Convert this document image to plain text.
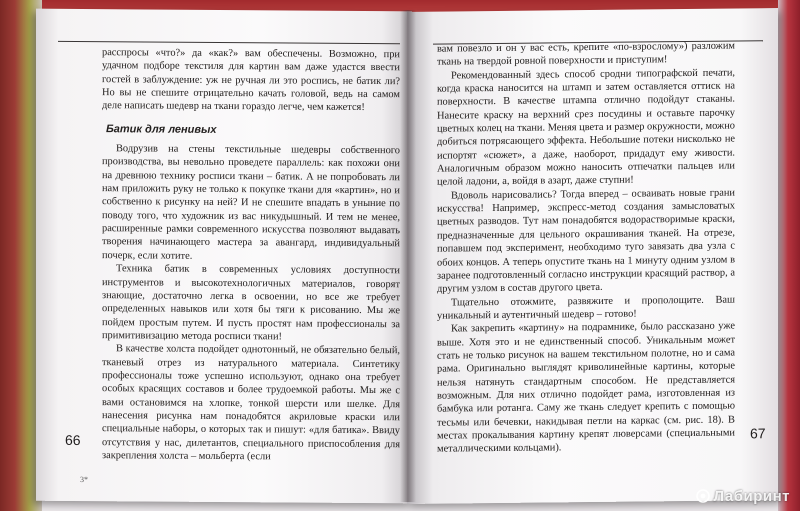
расспросы «что?» да «как?» вам обеспечены. Возможно, при удачном подборе текстиля для картин вам даже удастся ввести гостей в заблуждение: уж не ручная ли это роспись, не батик ли? Но вы не спешите отрицательно качать головой, ведь на самом деле написать шедевр на ткани гораздо легче, чем кажется!

Батик для ленивых

Водрузив на стены текстильные шедевры собственного производства, вы невольно проведете параллель: как похожи они на древнюю технику росписи ткани – батик. А не попробовать ли нам приложить руку не только к покупке ткани для «картин», но и собственно к рисунку на ней? И не спешите впадать в уныние по поводу того, что художник из вас никудышный. И тем не менее, расширенные рамки современного искусства позволяют выдавать творения начинающего мастера за авангард, индивидуальный почерк, если хотите.

Техника батик в современных условиях доступности инструментов и высокотехнологичных материалов, говорят знающие, достаточно легка в освоении, но все же требует определенных навыков или хотя бы тяги к рисованию. Мы же пойдем простым путем. И пусть простят нам профессионалы за примитивизацию метода росписи ткани!

В качестве холста подойдет однотонный, не обязательно белый, тканевый отрез из натурального материала. Синтетику профессионалы тоже успешно используют, однако она требует особых красящих составов и более трудоемкой работы. Мы же с вами остановимся на хлопке, тонкой шерсти или шелке. Для нанесения рисунка нам понадобятся акриловые краски или специальные наборы, о которых так и пишут: «для батика». Ввиду отсутствия у нас, дилетантов, специального приспособления для закрепления холста – мольберта (если

66
3*

вам повезло и он у вас есть, крепите «по-взрослому») разложим ткань на твердой ровной поверхности и приступим!

Рекомендованный здесь способ сродни типографской печати, когда краска наносится на штамп и затем оставляется оттиск на поверхности. В качестве штампа отлично подойдут стаканы. Нанесите краску на верхний срез посудины и оставьте парочку цветных колец на ткани. Меняя цвета и размер окружности, можно добиться потрясающего эффекта. Небольшие потеки нисколько не испортят «сюжет», а даже, наоборот, придадут ему живости. Аналогичным образом можно наносить отпечатки пальцев или целой ладони, а, войдя в азарт, даже ступни!

Вдоволь нарисовались? Тогда вперед – осваивать новые грани искусства! Например, экспресс-метод создания замысловатых цветных разводов. Тут нам понадобятся водорастворимые краски, предназначенные для цельного окрашивания тканей. На отрезе, попавшем под эксперимент, необходимо туго завязать два узла с обоих концов. А теперь опустите ткань на 1 минуту одним узлом в заранее подготовленный согласно инструкции красящий раствор, а другим узлом в состав другого цвета.

Тщательно отожмите, развяжите и прополощите. Ваш уникальный и аутентичный шедевр – готово!

Как закрепить «картину» на подрамнике, было рассказано уже выше. Хотя это и не единственный способ. Уникальным может стать не только рисунок на вашем текстильном полотне, но и сама рама. Оригинально выглядят криволинейные картины, которые нельзя натянуть стандартным способом. Не представляется возможным. Для них отлично подойдет рама, изготовленная из бамбука или ротанга. Саму же ткань следует крепить с помощью тесьмы или бечевки, накидывая петли на каркас (см. рис. 18). В местах прокалывания картину крепят люверсами (специальными металлическими кольцами).

67
Лабиринт
